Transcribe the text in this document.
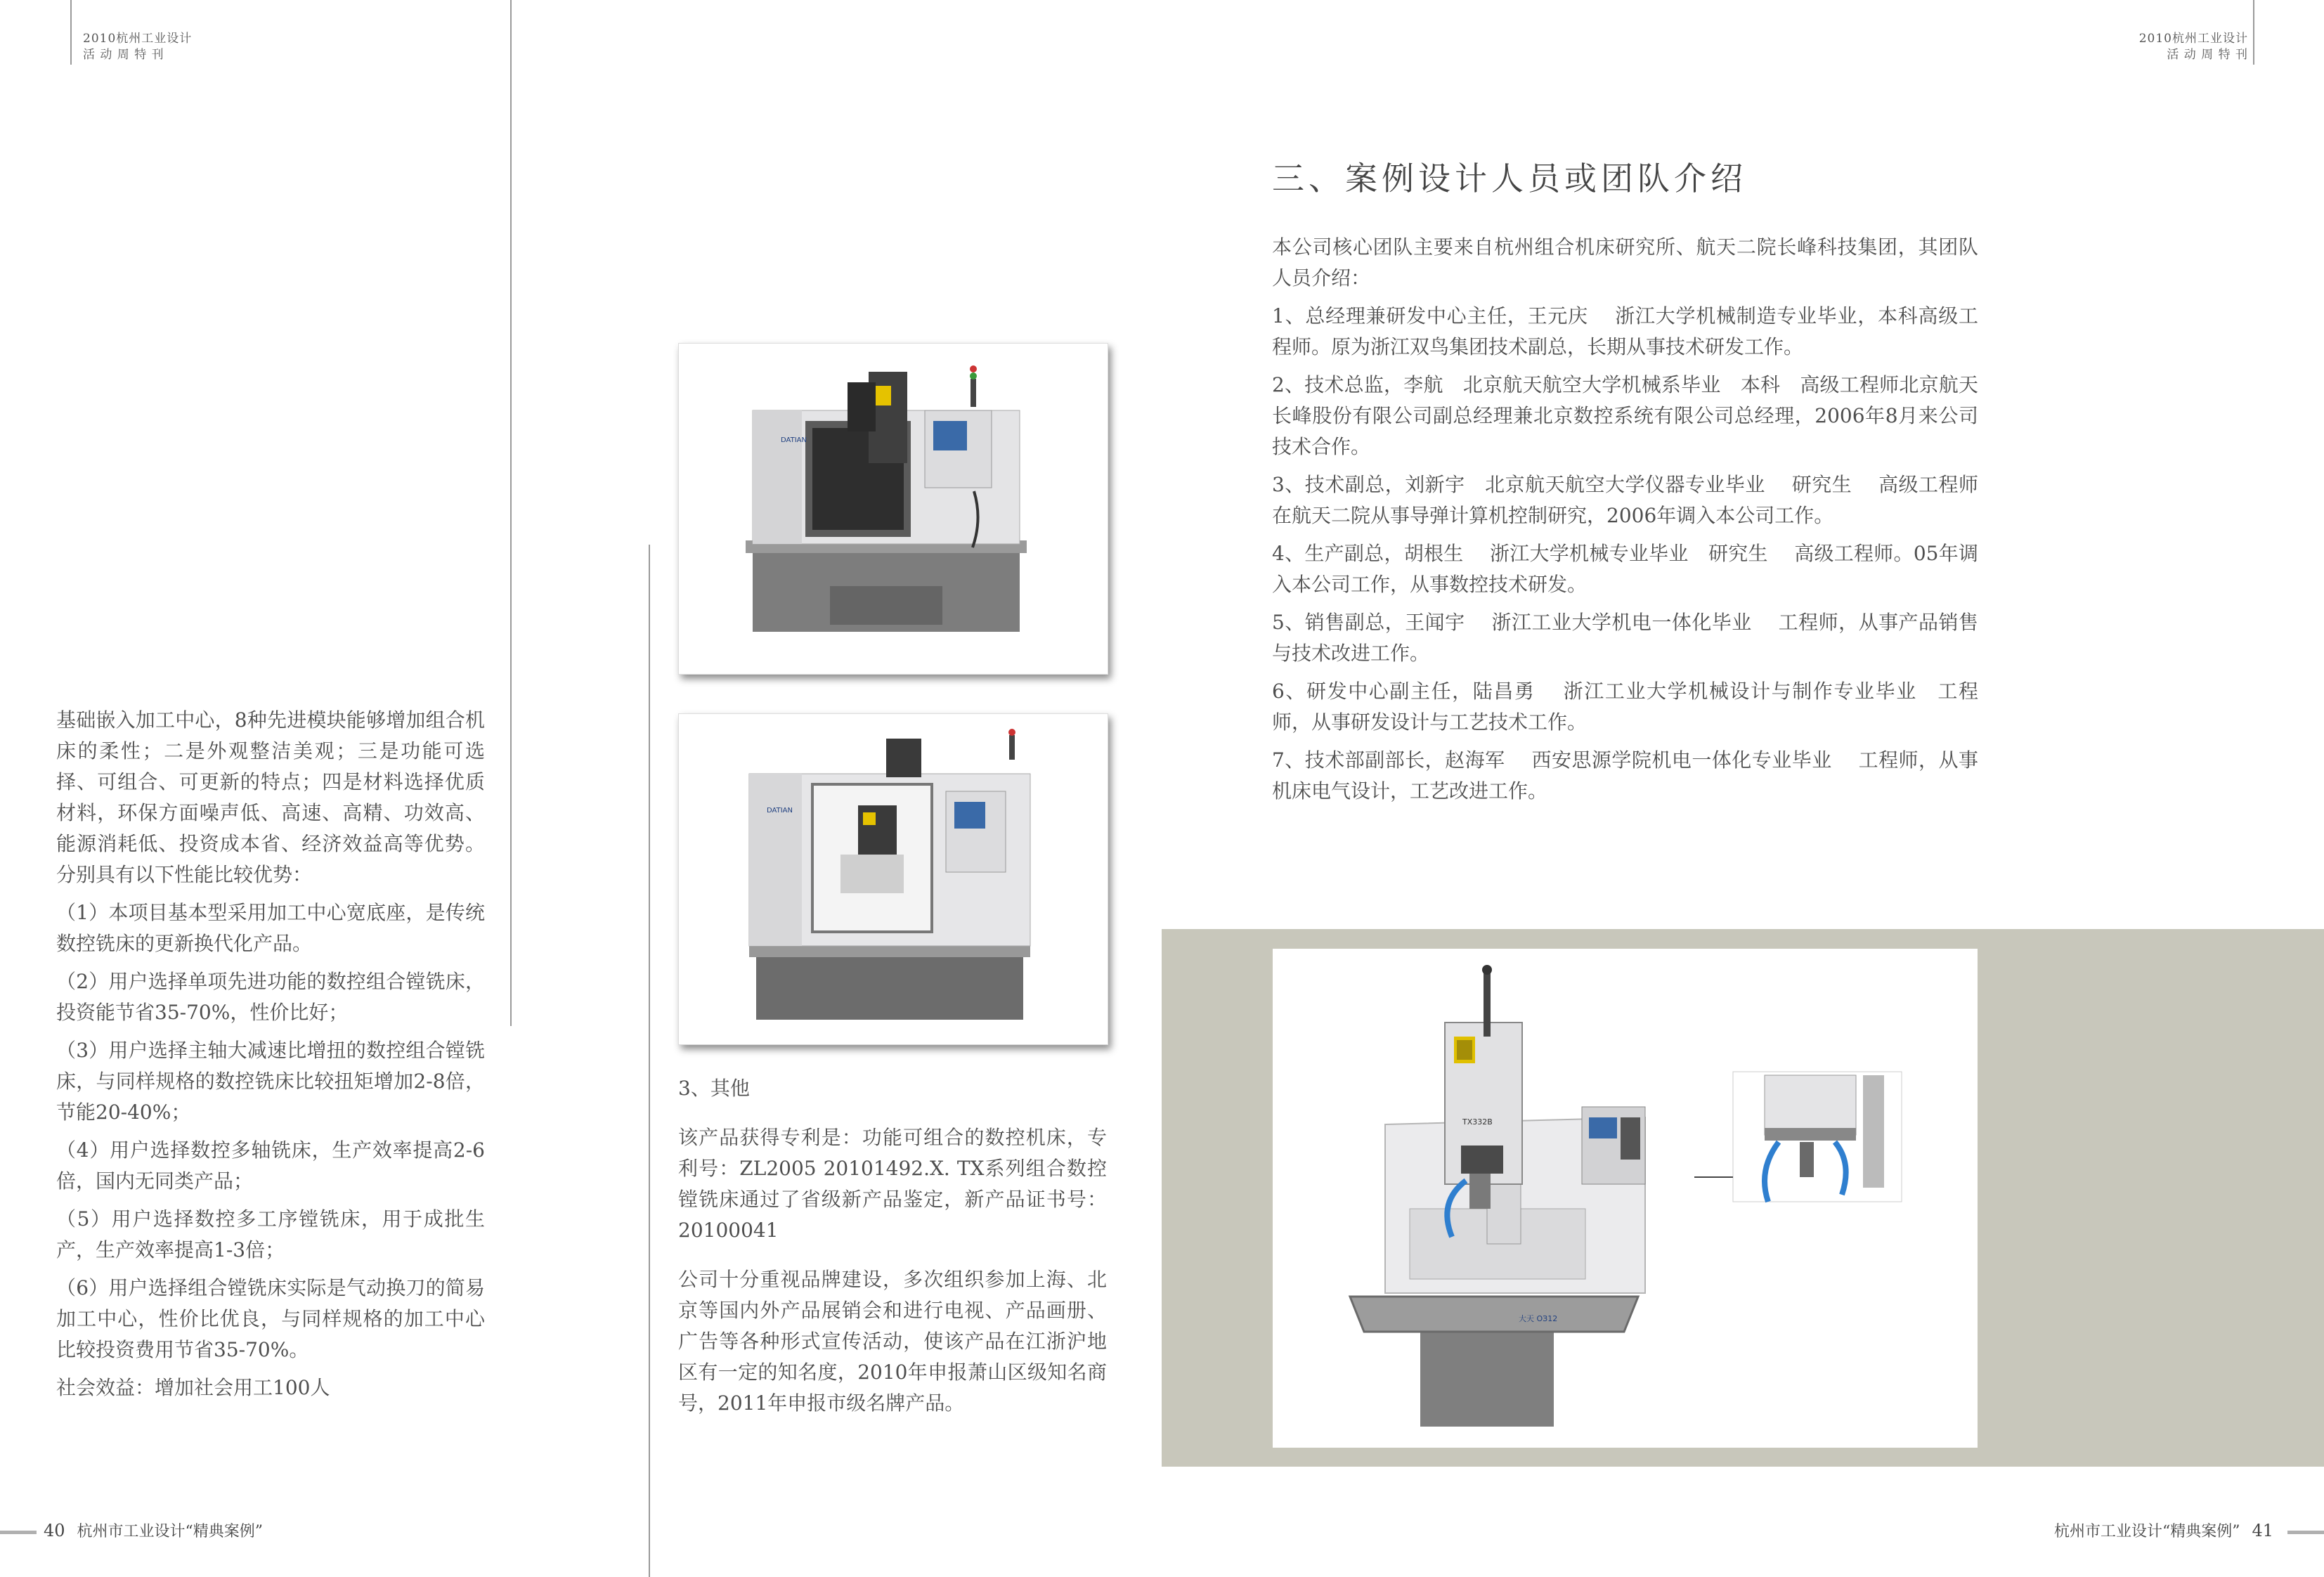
2010杭州工业设计
活 动 周 特 刊
2010杭州工业设计
活 动 周 特 刊

基础嵌入加工中心，8种先进模块能够增加组合机床的柔性；二是外观整洁美观；三是功能可选择、可组合、可更新的特点；四是材料选择优质材料，环保方面噪声低、高速、高精、功效高、能源消耗低、投资成本省、经济效益高等优势。分别具有以下性能比较优势：

（1）本项目基本型采用加工中心宽底座，是传统数控铣床的更新换代化产品。

（2）用户选择单项先进功能的数控组合镗铣床，投资能节省35-70%，性价比好；

（3）用户选择主轴大减速比增扭的数控组合镗铣床，与同样规格的数控铣床比较扭矩增加2-8倍，节能20-40%；

（4）用户选择数控多轴铣床，生产效率提高2-6倍，国内无同类产品；

（5）用户选择数控多工序镗铣床，用于成批生产，生产效率提高1-3倍；

（6）用户选择组合镗铣床实际是气动换刀的简易加工中心，性价比优良，与同样规格的加工中心比较投资费用节省35-70%。

社会效益：增加社会用工100人

DATIAN
DATIAN

3、其他

该产品获得专利是：功能可组合的数控机床，专利号：ZL2005 20101492.X. TX系列组合数控镗铣床通过了省级新产品鉴定，新产品证书号：20100041

公司十分重视品牌建设，多次组织参加上海、北京等国内外产品展销会和进行电视、产品画册、广告等各种形式宣传活动，使该产品在江浙沪地区有一定的知名度，2010年申报萧山区级知名商号，2011年申报市级名牌产品。

三、案例设计人员或团队介绍

本公司核心团队主要来自杭州组合机床研究所、航天二院长峰科技集团，其团队人员介绍：

1、总经理兼研发中心主任，王元庆　 浙江大学机械制造专业毕业，本科高级工程师。原为浙江双鸟集团技术副总，长期从事技术研发工作。

2、技术总监，李航　北京航天航空大学机械系毕业　本科　高级工程师北京航天长峰股份有限公司副总经理兼北京数控系统有限公司总经理，2006年8月来公司技术合作。

3、技术副总，刘新宇　北京航天航空大学仪器专业毕业　 研究生　 高级工程师 在航天二院从事导弹计算机控制研究，2006年调入本公司工作。

4、生产副总，胡根生　 浙江大学机械专业毕业　研究生　 高级工程师。05年调入本公司工作，从事数控技术研发。

5、销售副总，王闻宇　 浙江工业大学机电一体化毕业　 工程师，从事产品销售与技术改进工作。

6、研发中心副主任，陆昌勇　 浙江工业大学机械设计与制作专业毕业　工程师，从事研发设计与工艺技术工作。

7、技术部副部长，赵海军　 西安思源学院机电一体化专业毕业　 工程师，从事机床电气设计，工艺改进工作。

TX332B
大天 ОЗ12
40 杭州市工业设计“精典案例”	杭州市工业设计“精典案例” 41
